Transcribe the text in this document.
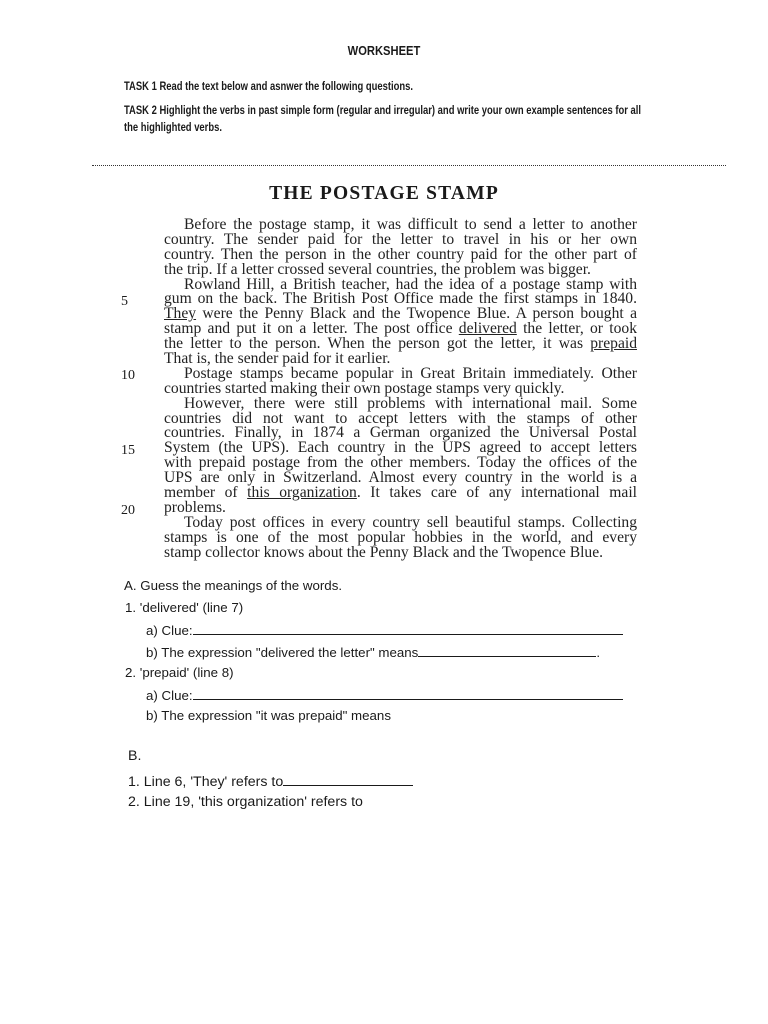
WORKSHEET
TASK 1 Read the text below and asnwer the following questions.
TASK 2 Highlight the verbs in past simple form (regular and irregular) and write your own example sentences for all
the highlighted verbs.
THE POSTAGE STAMP
Before the postage stamp, it was difficult to send a letter to another
country. The sender paid for the letter to travel in his or her own
country. Then the person in the other country paid for the other part of
the trip. If a letter crossed several countries, the problem was bigger.
Rowland Hill, a British teacher, had the idea of a postage stamp with
gum on the back. The British Post Office made the first stamps in 1840.
They were the Penny Black and the Twopence Blue. A person bought a
stamp and put it on a letter. The post office delivered the letter, or took
the letter to the person. When the person got the letter, it was prepaid
That is, the sender paid for it earlier.
Postage stamps became popular in Great Britain immediately. Other
countries started making their own postage stamps very quickly.
However, there were still problems with international mail. Some
countries did not want to accept letters with the stamps of other
countries. Finally, in 1874 a German organized the Universal Postal
System (the UPS). Each country in the UPS agreed to accept letters
with prepaid postage from the other members. Today the offices of the
UPS are only in Switzerland. Almost every country in the world is a
member of this organization. It takes care of any international mail
problems.
Today post offices in every country sell beautiful stamps. Collecting
stamps is one of the most popular hobbies in the world, and every
stamp collector knows about the Penny Black and the Twopence Blue.
5
10
15
20
A. Guess the meanings of the words.
1. 'delivered' (line 7)
a) Clue:
b) The expression "delivered the letter" means	.
2. 'prepaid' (line 8)
a) Clue:
b) The expression "it was prepaid" means
B.
1. Line 6, 'They' refers to
2. Line 19, 'this organization' refers to
